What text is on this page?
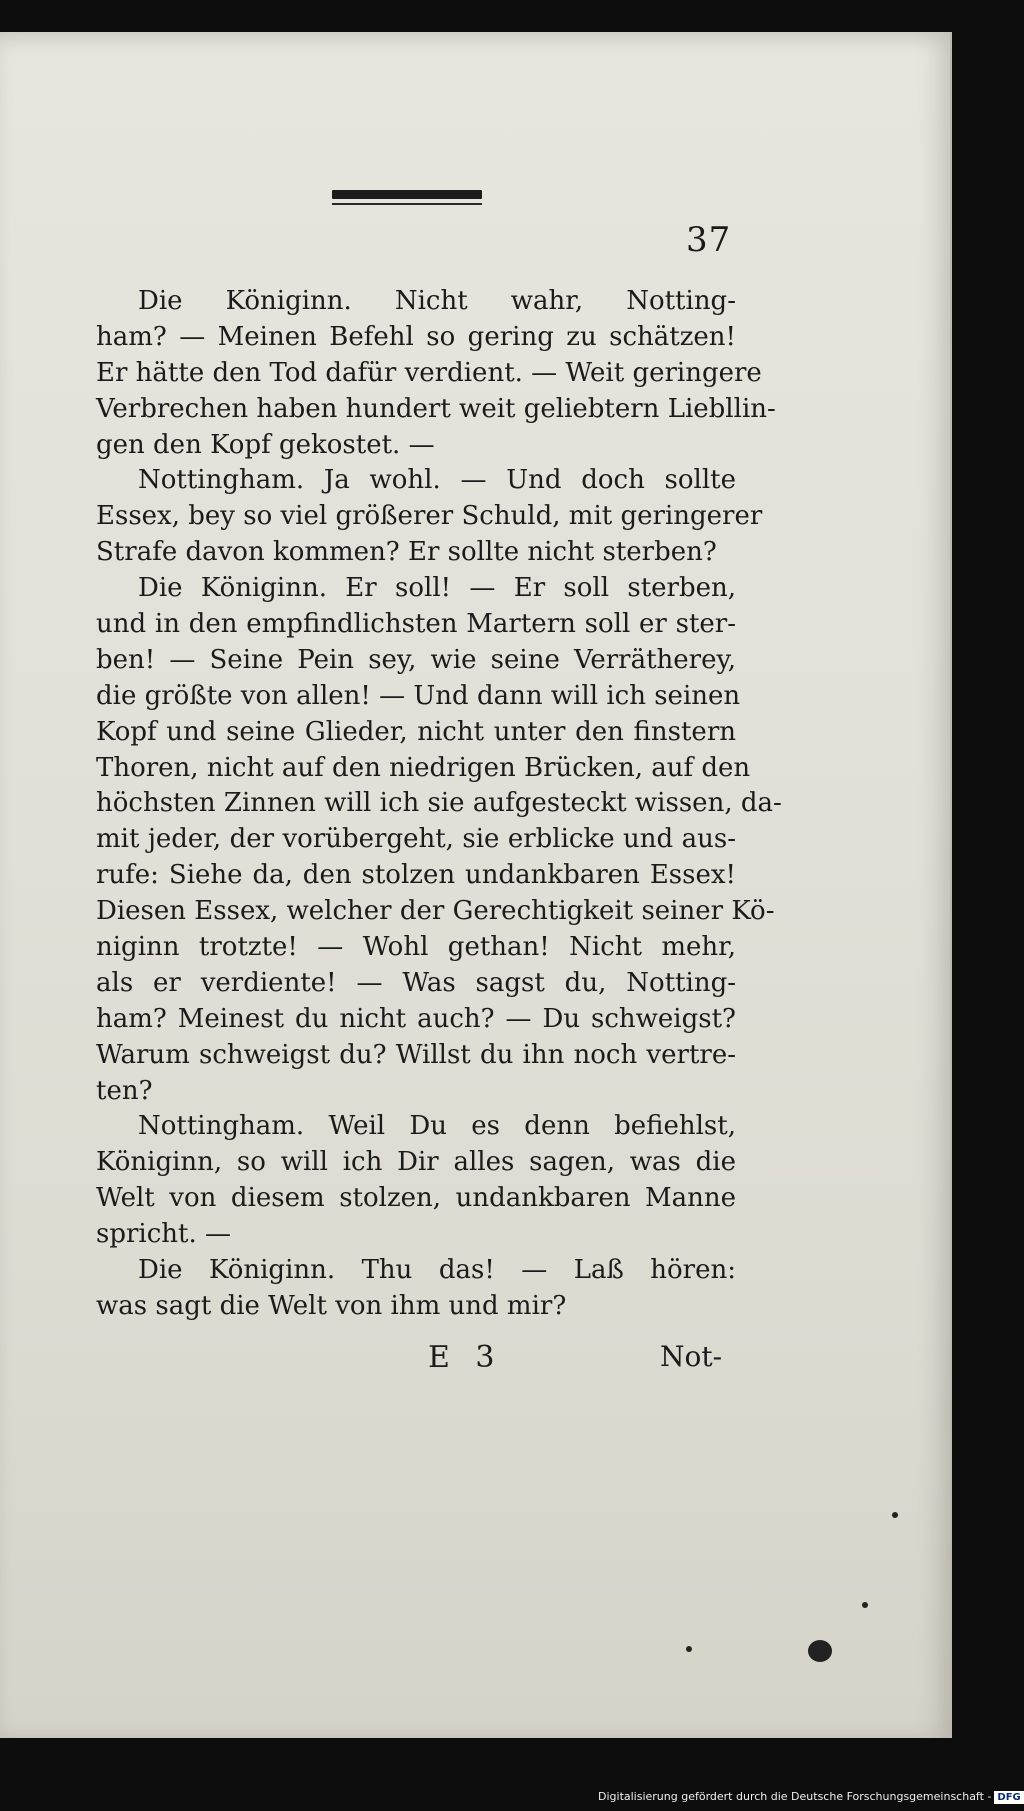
37
Die Königinn. Nicht wahr, Notting-
ham? — Meinen Befehl so gering zu schätzen!
Er hätte den Tod dafür verdient. — Weit geringere
Verbrechen haben hundert weit geliebtern Liebllin-
gen den Kopf gekostet. —
Nottingham. Ja wohl. — Und doch sollte
Essex, bey so viel größerer Schuld, mit geringerer
Strafe davon kommen? Er sollte nicht sterben?
Die Königinn. Er soll! — Er soll sterben,
und in den empfindlichsten Martern soll er ster-
ben! — Seine Pein sey, wie seine Verrätherey,
die größte von allen! — Und dann will ich seinen
Kopf und seine Glieder, nicht unter den finstern
Thoren, nicht auf den niedrigen Brücken, auf den
höchsten Zinnen will ich sie aufgesteckt wissen, da-
mit jeder, der vorübergeht, sie erblicke und aus-
rufe: Siehe da, den stolzen undankbaren Essex!
Diesen Essex, welcher der Gerechtigkeit seiner Kö-
niginn trotzte! — Wohl gethan! Nicht mehr,
als er verdiente! — Was sagst du, Notting-
ham? Meinest du nicht auch? — Du schweigst?
Warum schweigst du? Willst du ihn noch vertre-
ten?
Nottingham. Weil Du es denn befiehlst,
Königinn, so will ich Dir alles sagen, was die
Welt von diesem stolzen, undankbaren Manne
spricht. —
Die Königinn. Thu das! — Laß hören:
was sagt die Welt von ihm und mir?
E 3	Not-
Digitalisierung gefördert durch die Deutsche Forschungsgemeinschaft - DFG
